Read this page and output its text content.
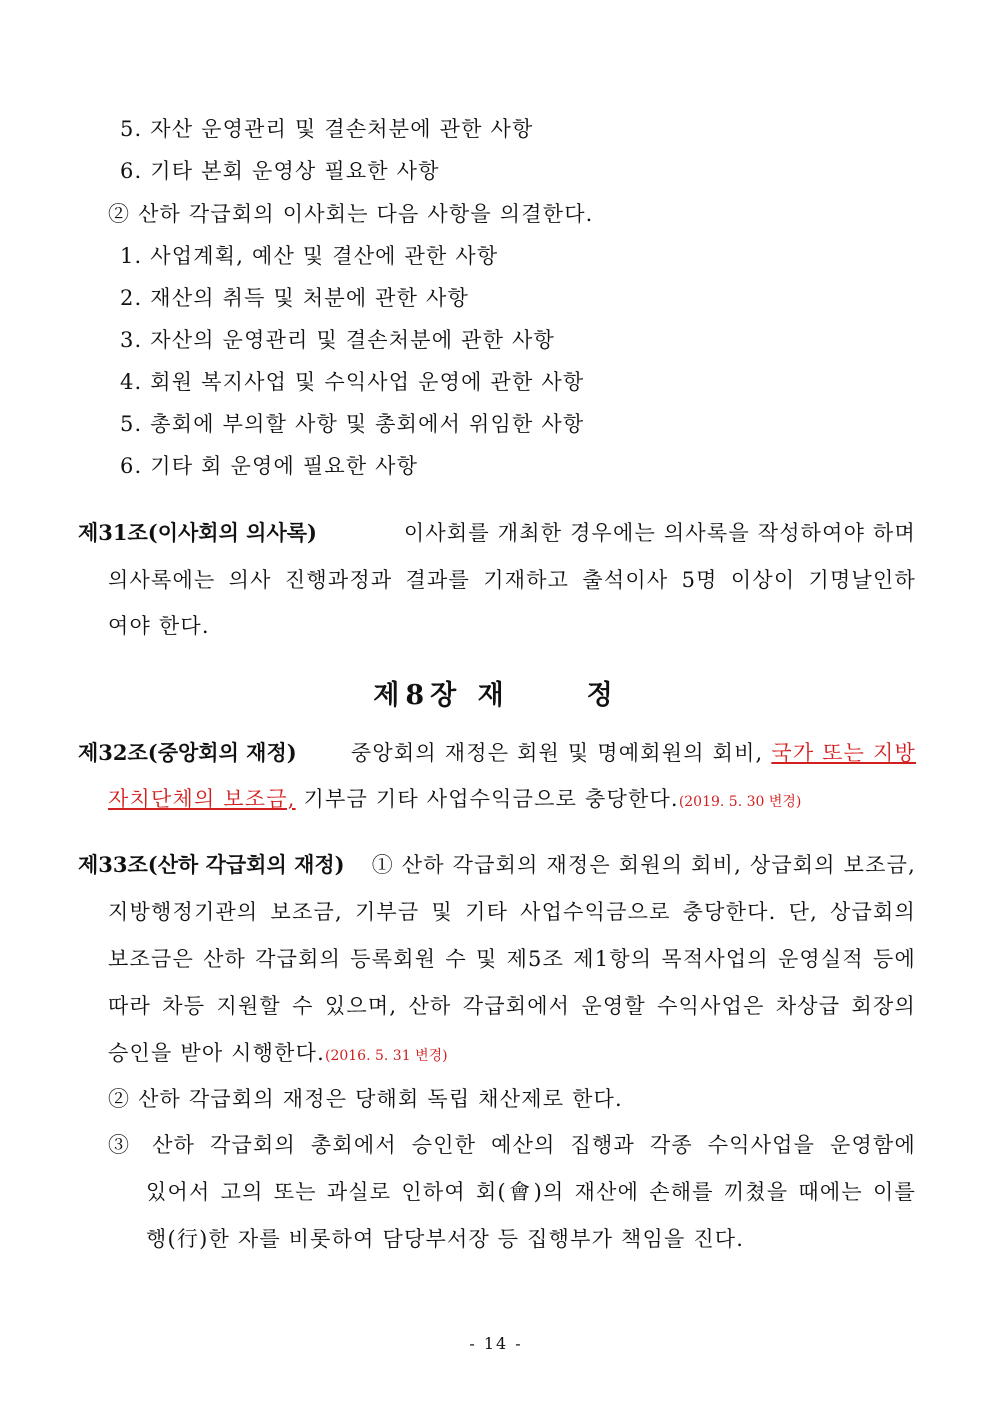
5. 자산 운영관리 및 결손처분에 관한 사항
6. 기타 본회 운영상 필요한 사항
② 산하 각급회의 이사회는 다음 사항을 의결한다.
1. 사업계획, 예산 및 결산에 관한 사항
2. 재산의 취득 및 처분에 관한 사항
3. 자산의 운영관리 및 결손처분에 관한 사항
4. 회원 복지사업 및 수익사업 운영에 관한 사항
5. 총회에 부의할 사항 및 총회에서 위임한 사항
6. 기타 회 운영에 필요한 사항
제31조(이사회의 의사록)	이사회를 개최한 경우에는 의사록을 작성하여야 하며
의사록에는 의사 진행과정과 결과를 기재하고 출석이사 5명 이상이 기명날인하
여야 한다.
제8장 재     정
제32조(중앙회의 재정)	중앙회의 재정은 회원 및 명예회원의 회비, 국가 또는 지방
자치단체의 보조금, 기부금 기타 사업수익금으로 충당한다.(2019. 5. 30 변경)
제33조(산하 각급회의 재정) ① 산하 각급회의 재정은 회원의 회비, 상급회의 보조금,
지방행정기관의 보조금, 기부금 및 기타 사업수익금으로 충당한다. 단, 상급회의
보조금은 산하 각급회의 등록회원 수 및 제5조 제1항의 목적사업의 운영실적 등에
따라 차등 지원할 수 있으며, 산하 각급회에서 운영할 수익사업은 차상급 회장의
승인을 받아 시행한다.(2016. 5. 31 변경)
② 산하 각급회의 재정은 당해회 독립 채산제로 한다.
③ 산하 각급회의 총회에서 승인한 예산의 집행과 각종 수익사업을 운영함에
있어서 고의 또는 과실로 인하여 회(會)의 재산에 손해를 끼쳤을 때에는 이를
행(行)한 자를 비롯하여 담당부서장 등 집행부가 책임을 진다.
- 14 -
